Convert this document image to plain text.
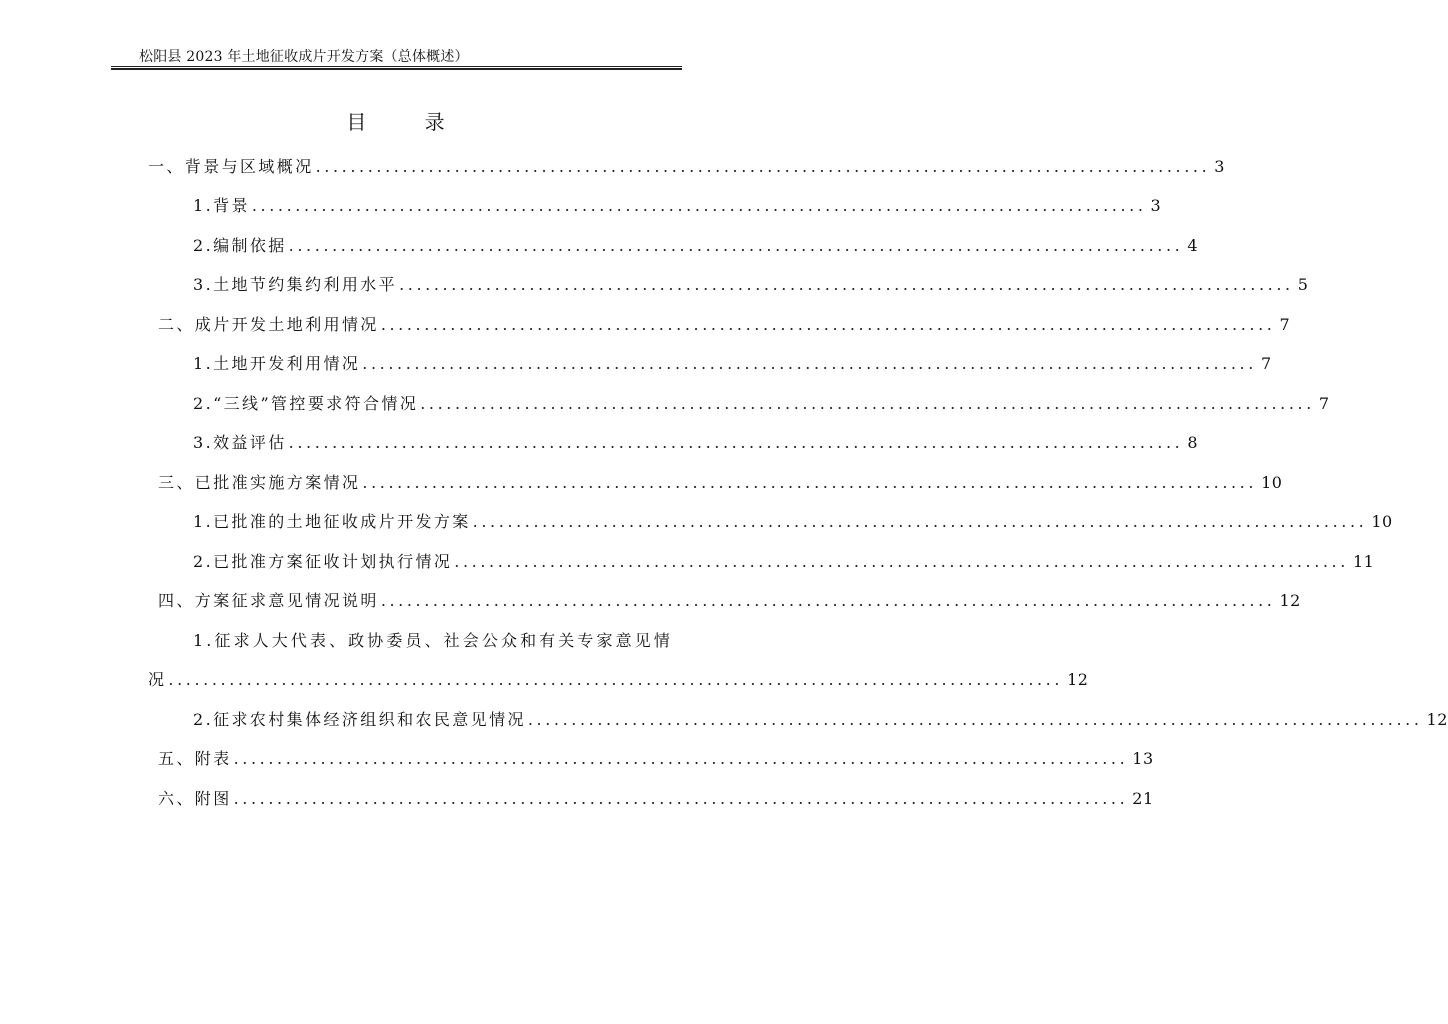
松阳县 2023 年土地征收成片开发方案（总体概述）
目 录
一、背景与区域概况 ....................................................................................................... 3
1.背景 ....................................................................................................... 3
2.编制依据 ....................................................................................................... 4
3.土地节约集约利用水平 ....................................................................................................... 5
二、成片开发土地利用情况 ....................................................................................................... 7
1.土地开发利用情况 ....................................................................................................... 7
2.“三线”管控要求符合情况 ....................................................................................................... 7
3.效益评估 ....................................................................................................... 8
三、已批准实施方案情况 ....................................................................................................... 10
1.已批准的土地征收成片开发方案 ....................................................................................................... 10
2.已批准方案征收计划执行情况 ....................................................................................................... 11
四、方案征求意见情况说明 ....................................................................................................... 12
1.征求人大代表、政协委员、社会公众和有关专家意见情
况 ....................................................................................................... 12
2.征求农村集体经济组织和农民意见情况 ....................................................................................................... 12
五、附表 ....................................................................................................... 13
六、附图 ....................................................................................................... 21
